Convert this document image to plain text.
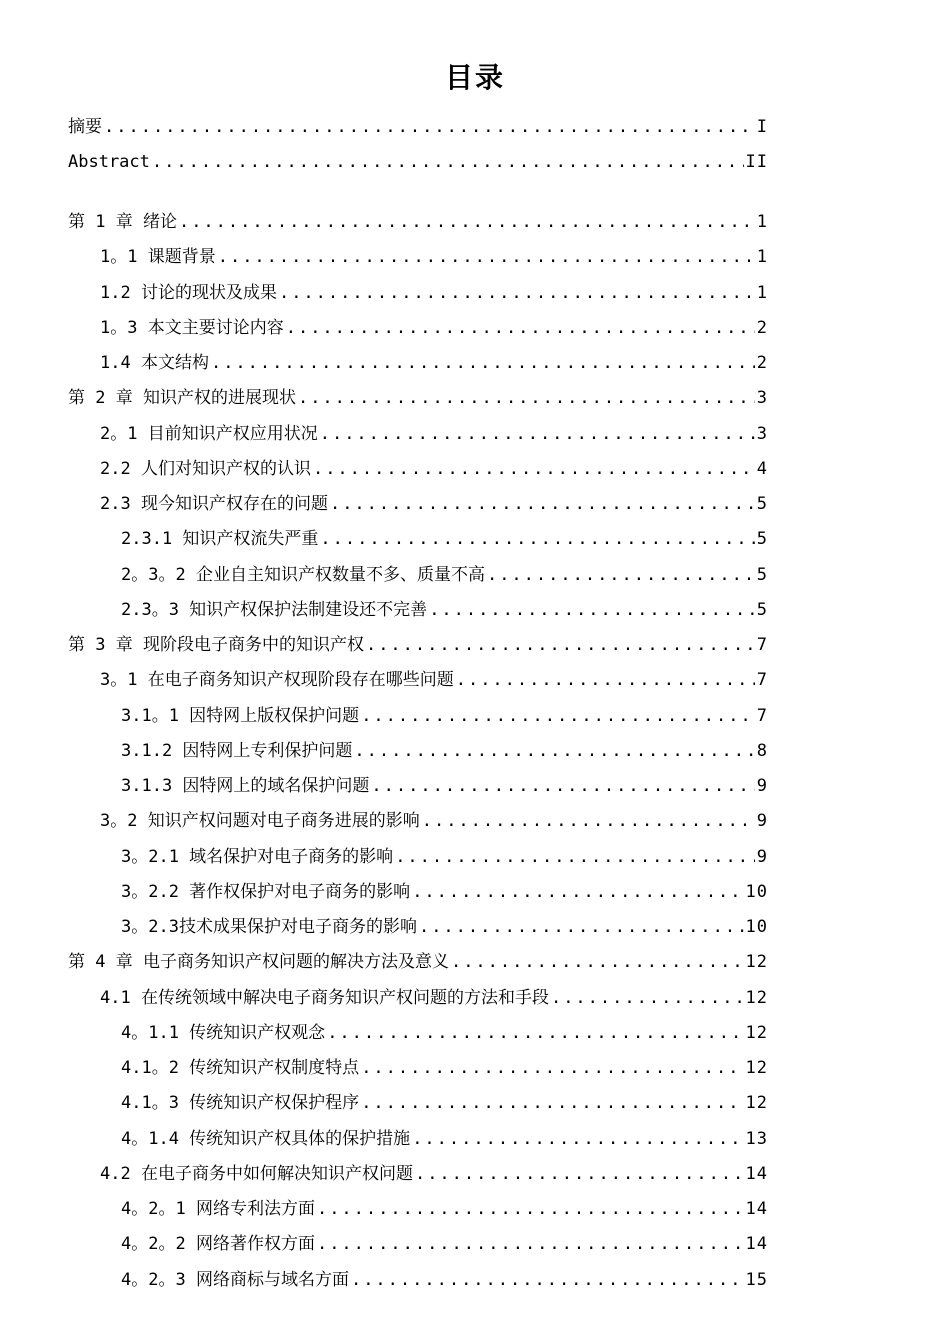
目录
摘要 .....	I
Abstract .....	II
第 1 章 绪论 .....	1
1。1 课题背景 .....	1
1.2 讨论的现状及成果 .....	1
1。3 本文主要讨论内容 .....	2
1.4 本文结构 .....	2
第 2 章 知识产权的进展现状 .....	3
2。1 目前知识产权应用状况 .....	3
2.2 人们对知识产权的认识 .....	4
2.3 现今知识产权存在的问题 .....	5
2.3.1 知识产权流失严重 .....	5
2。3。2 企业自主知识产权数量不多、质量不高 .....	5
2.3。3 知识产权保护法制建设还不完善 .....	5
第 3 章 现阶段电子商务中的知识产权 .....	7
3。1 在电子商务知识产权现阶段存在哪些问题 .....	7
3.1。1 因特网上版权保护问题 .....	7
3.1.2 因特网上专利保护问题 .....	8
3.1.3 因特网上的域名保护问题 .....	9
3。2 知识产权问题对电子商务进展的影响 .....	9
3。2.1 域名保护对电子商务的影响 .....	9
3。2.2 著作权保护对电子商务的影响 .....	10
3。2.3技术成果保护对电子商务的影响 .....	10
第 4 章 电子商务知识产权问题的解决方法及意义 .....	12
4.1 在传统领域中解决电子商务知识产权问题的方法和手段 .....	12
4。1.1 传统知识产权观念 .....	12
4.1。2 传统知识产权制度特点 .....	12
4.1。3 传统知识产权保护程序 .....	12
4。1.4 传统知识产权具体的保护措施 .....	13
4.2 在电子商务中如何解决知识产权问题 .....	14
4。2。1 网络专利法方面 .....	14
4。2。2 网络著作权方面 .....	14
4。2。3 网络商标与域名方面 .....	15
